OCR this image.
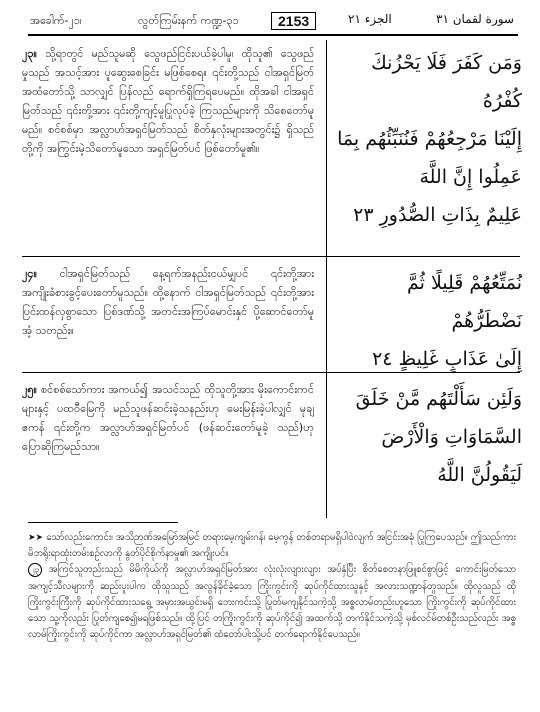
အခေါက်-၂၁၊	လွတ်ကြမ်းနက် ကဏ္ဍ-၃၁	2153	الجزء ٢١	سورة لقمان ٣١
၂၃။ သို့ရာတွင် မည်သူမဆို သွေဖည်ငြင်းပယ်ခဲ့ပါမူ၊ ထိုသူ၏ သွေဖည်မှုသည် အသင့်အား ပူဆွေးစေခြင်း မဖြစ်စေရ။ ၎င်းတို့သည် ငါအရှင်မြတ်အထံတော်သို့ သာလျှင် ပြန်လည် ရောက်ရှိကြရပေမည်။ ထိုအခါ ငါအရှင်မြတ်သည် ၎င်းတို့အား ၎င်းတို့ကျင့်မူပြုလုပ်ခဲ့ ကြသည်များကို သိစေတော်မူမည်။ စင်စစ်မှာ အလ္လာဟ်အရှင်မြတ်သည် စိတ်နှလုံးများအတွင်း၌ ရှိသည်တို့ကို အကြွင်းမဲ့သိတော်မူသော အရှင်မြတ်ပင် ဖြစ်တော်မူ၏။
وَمَن كَفَرَ فَلَا يَحْزُنكَ كُفْرُهُ
إِلَيْنَا مَرْجِعُهُمْ فَنُنَبِّئُهُم بِمَا
عَمِلُوا إِنَّ اللَّهَ
عَلِيمٌ بِذَاتِ الصُّدُورِ ٢٣
၂၄။ ငါအရှင်မြတ်သည် နေ့ရက်အနည်းငယ်မျှပင် ၎င်းတို့အား အကျိုးခံစားခွင့်ပေးတော်မူသည်။ ထို့နောက် ငါအရှင်မြတ်သည် ၎င်းတို့အား ပြင်းထန်လှစွာသော ပြစ်ဒဏ်သို့ အတင်းအကြပ်မောင်းနှင် ပို့ဆောင်တော်မူအံ့ သတည်း။
نُمَتِّعُهُمْ قَلِيلًا ثُمَّ نَضْطَرُّهُمْ
إِلَىٰ عَذَابٍ غَلِيظٍ ٢٤
၂၅။ စင်စစ်သော်ကား အကယ်၍ အသင်သည် ထိုသူတို့အား မိုးကောင်းကင်များနှင့် ပထဝီမြေကို မည်သူဖန်ဆင်းခဲ့သနည်းဟု မေးမြန်းခဲ့ပါလျှင် မုချဧကန် ၎င်းတို့က အလ္လာဟ်အရှင်မြတ်ပင် (ဖန်ဆင်းတော်မူခဲ့ သည်)ဟု ပြောဆိုကြမည်သာ။
وَلَئِن سَأَلْتَهُم مَّنْ خَلَقَ
السَّمَاوَاتِ وَالْأَرْضَ
لَيَقُولُنَّ اللَّهُ
➤➤ သော်လည်းကောင်း၊ အသိဉာဏ်အမြော်အမြင် တရားမေ့ကျမ်းဂန်၊ မေ့ကွန် တစ်တရာမရှိပါဝဲလျက် အငြင်းအခုံ ပြုကြပေသည်။ ဤသည်ကား မိဘရိုးရာထုံးတမ်းစဉ်လာကို နွတ်ပိုင်စိုက်နာမှု၏ အကျိုးပင်။
၂၃ အကြင်သူတည်းသည် မိမိကိုယ်ကို အလ္လာဟ်အရှင်မြတ်အား လုံးလုံးလျားလျား အပ်နှံပြီး စိတ်စေတနာဖြူစင်စွာဖြင့် ကောင်းမြတ်သော အကျင့်သီလများကို ဆည်းပူးပါက ထိုသူသည် အလွန်ခိုင်ခံ့သော ကြိုးကွင်းကို ဆုပ်ကိုင်ထားသူနှင့် အလားသဏ္ဍာန်တူသည်။ ထိုလူသည် ထိုကြိုးကွင်းကြီးကို ဆုပ်ကိုင်ထားသရွေ့ အမှားအယွင်းမရှိ ဘေးကင်းသို့ ပြုတ်မကျနိုင်သကဲ့သို့ အစ္စလာမ်တည်းဟူသော ကြိုးကွင်းကို ဆုပ်ကိုင်ထားသော သူ့ကိုလည်း ပြုတ်ကျစေ၍မရဖြစ်သည်။ ထို့ပြင် တကြိုးကွင်းကို ဆုပ်ကိုင်၍ အထက်သို့ တက်နိုင်သကဲ့သို့ မှစ်လင်မ်တစ်ဦးသည်လည်း အစ္စလာမ်ကြိုးကွင်းကို ဆုပ်ကိုင်ကာ အလ္လာဟ်အရှင်မြတ်၏ ထံတော်ပါးသို့ပင် တက်ရောက်နိုင်ပေသည်။
